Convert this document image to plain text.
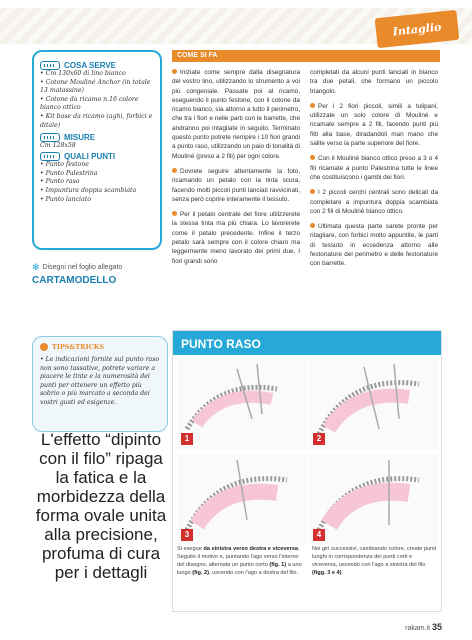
Intaglio
COSA SERVE
• Cm 130x60 di lino bianco
• Cotone Mouliné Anchor (in totale 13 matassine)
• Cotone da ricamo n.16 colore bianco ottico
• Kit base da ricamo (aghi, forbici e ditale)
MISURE
Cm 128x58
QUALI PUNTI
• Punto festone
• Punto Palestrina
• Punto raso
• Impuntura doppia scambiata
• Punto lanciato
✻ Disegni nel foglio allegato
CARTAMODELLO
COME SI FA

Iniziate come sempre dalla disegnatura del vostro lino, utilizzando lo strumento a voi più congeniale. Passate poi al ricamo, eseguendo il punto festone, con il cotone da ricamo bianco, sia attorno a tutto il perimetro, che tra i fiori e nelle parti con le barrette, che andranno poi intagliate in seguito. Terminato questo punto potrete riempire i 10 fiori grandi a punto raso, utilizzando un paio di tonalità di Mouliné (preso a 2 fili) per ogni colore.

Dovrete seguire attentamente la foto, ricamando un petalo con la tinta scura, facendo molti piccoli punti lanciati ravvicinati, senza però coprire interamente il tessuto.

Per il petalo centrale del fiore utilizzerete la stessa tinta ma più chiara. Lo lavorerete come il petalo precedente. Infine il terzo petalo sarà sempre con il colore chiaro ma leggermente meno lavorato dei primi due. I fiori grandi sono

completati da alcuni punti lanciati in bianco tra due petali, che formano un piccolo triangolo.

Per i 2 fiori piccoli, simili a tulipani, utilizzate un solo colore di Mouliné e ricamate sempre a 2 fili, facendo punti più fitti alla base, diradandoli man mano che salite verso la parte superiore del fiore.

Con il Mouliné bianco ottico preso a 3 o 4 fili ricamate a punto Palestrina tutte le linee che costituiscono i gambi dei fiori.

I 2 piccoli cerchi centrali sono delicati da completare a impuntura doppia scambiata con 2 fili di Mouliné bianco ottico.

Ultimata questa parte sarete pronte per ritagliare, con forbici molto appuntite, le parti di tessuto in eccedenza attorno alle festonature del perimetro e delle festonature con barrette.

TIPS&TRICKS
• Le indicazioni fornite sul punto raso non sono tassative, potrete variare a piacere le tinte e la numerosità dei punti per ottenere un effetto più sobrio o più marcato a seconda dei vostri gusti ed esigenze.
L'effetto “dipinto con il filo” ripaga la fatica e la morbidezza della forma ovale unita alla precisione, profuma di cura per i dettagli
PUNTO RASO
1	2
3	4
Si esegue da sinistra verso destra e viceversa. Seguite il motivo e, puntando l'ago verso l'interno del disegno, alternate un punto corto (fig. 1) a uno lungo (fig. 2), uscendo con l'ago a destra del filo.
Nei giri successivi, cambiando colore, create punti lunghi in corrispondenza dei punti corti e viceversa, uscendo con l'ago a sinistra del filo (figg. 3 e 4).
rakam.it 35
